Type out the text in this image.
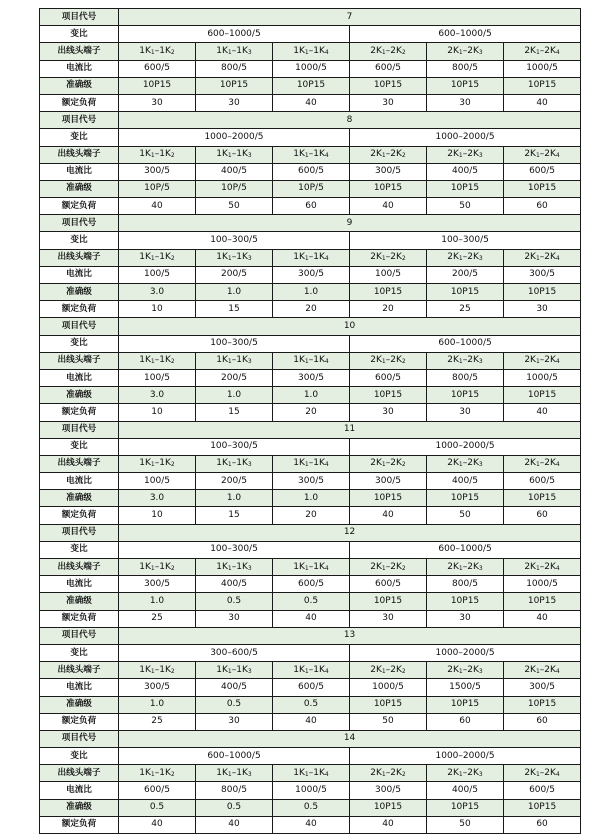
项目代号	7					
变比	600–1000/5			600–1000/5		
出线头端子	$1K_1-1K_2$	$1K_1-1K_3$	$1K_1-1K_4$	$2K_1-2K_2$	$2K_1-2K_3$	$2K_1-2K_4$
电流比	600/5	800/5	1000/5	600/5	800/5	1000/5
准确级	10P15	10P15	10P15	10P15	10P15	10P15
额定负荷	30	30	40	30	30	40
项目代号	8					
变比	1000–2000/5			1000–2000/5		
出线头端子	$1K_1-1K_2$	$1K_1-1K_3$	$1K_1-1K_4$	$2K_1-2K_2$	$2K_1-2K_3$	$2K_1-2K_4$
电流比	300/5	400/5	600/5	300/5	400/5	600/5
准确级	10P/5	10P/5	10P/5	10P15	10P15	10P15
额定负荷	40	50	60	40	50	60
项目代号	9					
变比	100–300/5			100–300/5		
出线头端子	$1K_1-1K_2$	$1K_1-1K_3$	$1K_1-1K_4$	$2K_1-2K_2$	$2K_1-2K_3$	$2K_1-2K_4$
电流比	100/5	200/5	300/5	100/5	200/5	300/5
准确级	3.0	1.0	1.0	10P15	10P15	10P15
额定负荷	10	15	20	20	25	30
项目代号	10					
变比	100–300/5			600–1000/5		
出线头端子	$1K_1-1K_2$	$1K_1-1K_3$	$1K_1-1K_4$	$2K_1-2K_2$	$2K_1-2K_3$	$2K_1-2K_4$
电流比	100/5	200/5	300/5	600/5	800/5	1000/5
准确级	3.0	1.0	1.0	10P15	10P15	10P15
额定负荷	10	15	20	30	30	40
项目代号	11					
变比	100–300/5			1000–2000/5		
出线头端子	$1K_1-1K_2$	$1K_1-1K_3$	$1K_1-1K_4$	$2K_1-2K_2$	$2K_1-2K_3$	$2K_1-2K_4$
电流比	100/5	200/5	300/5	300/5	400/5	600/5
准确级	3.0	1.0	1.0	10P15	10P15	10P15
额定负荷	10	15	20	40	50	60
项目代号	12					
变比	100–300/5			600–1000/5		
出线头端子	$1K_1-1K_2$	$1K_1-1K_3$	$1K_1-1K_4$	$2K_1-2K_2$	$2K_1-2K_3$	$2K_1-2K_4$
电流比	300/5	400/5	600/5	600/5	800/5	1000/5
准确级	1.0	0.5	0.5	10P15	10P15	10P15
额定负荷	25	30	40	30	30	40
项目代号	13					
变比	300–600/5			1000–2000/5		
出线头端子	$1K_1-1K_2$	$1K_1-1K_3$	$1K_1-1K_4$	$2K_1-2K_2$	$2K_1-2K_3$	$2K_1-2K_4$
电流比	300/5	400/5	600/5	1000/5	1500/5	300/5
准确级	1.0	0.5	0.5	10P15	10P15	10P15
额定负荷	25	30	40	50	60	60
项目代号	14					
变比	600–1000/5			1000–2000/5		
出线头端子	$1K_1-1K_2$	$1K_1-1K_3$	$1K_1-1K_4$	$2K_1-2K_2$	$2K_1-2K_3$	$2K_1-2K_4$
电流比	600/5	800/5	1000/5	300/5	400/5	600/5
准确级	0.5	0.5	0.5	10P15	10P15	10P15
额定负荷	40	40	40	40	50	60
